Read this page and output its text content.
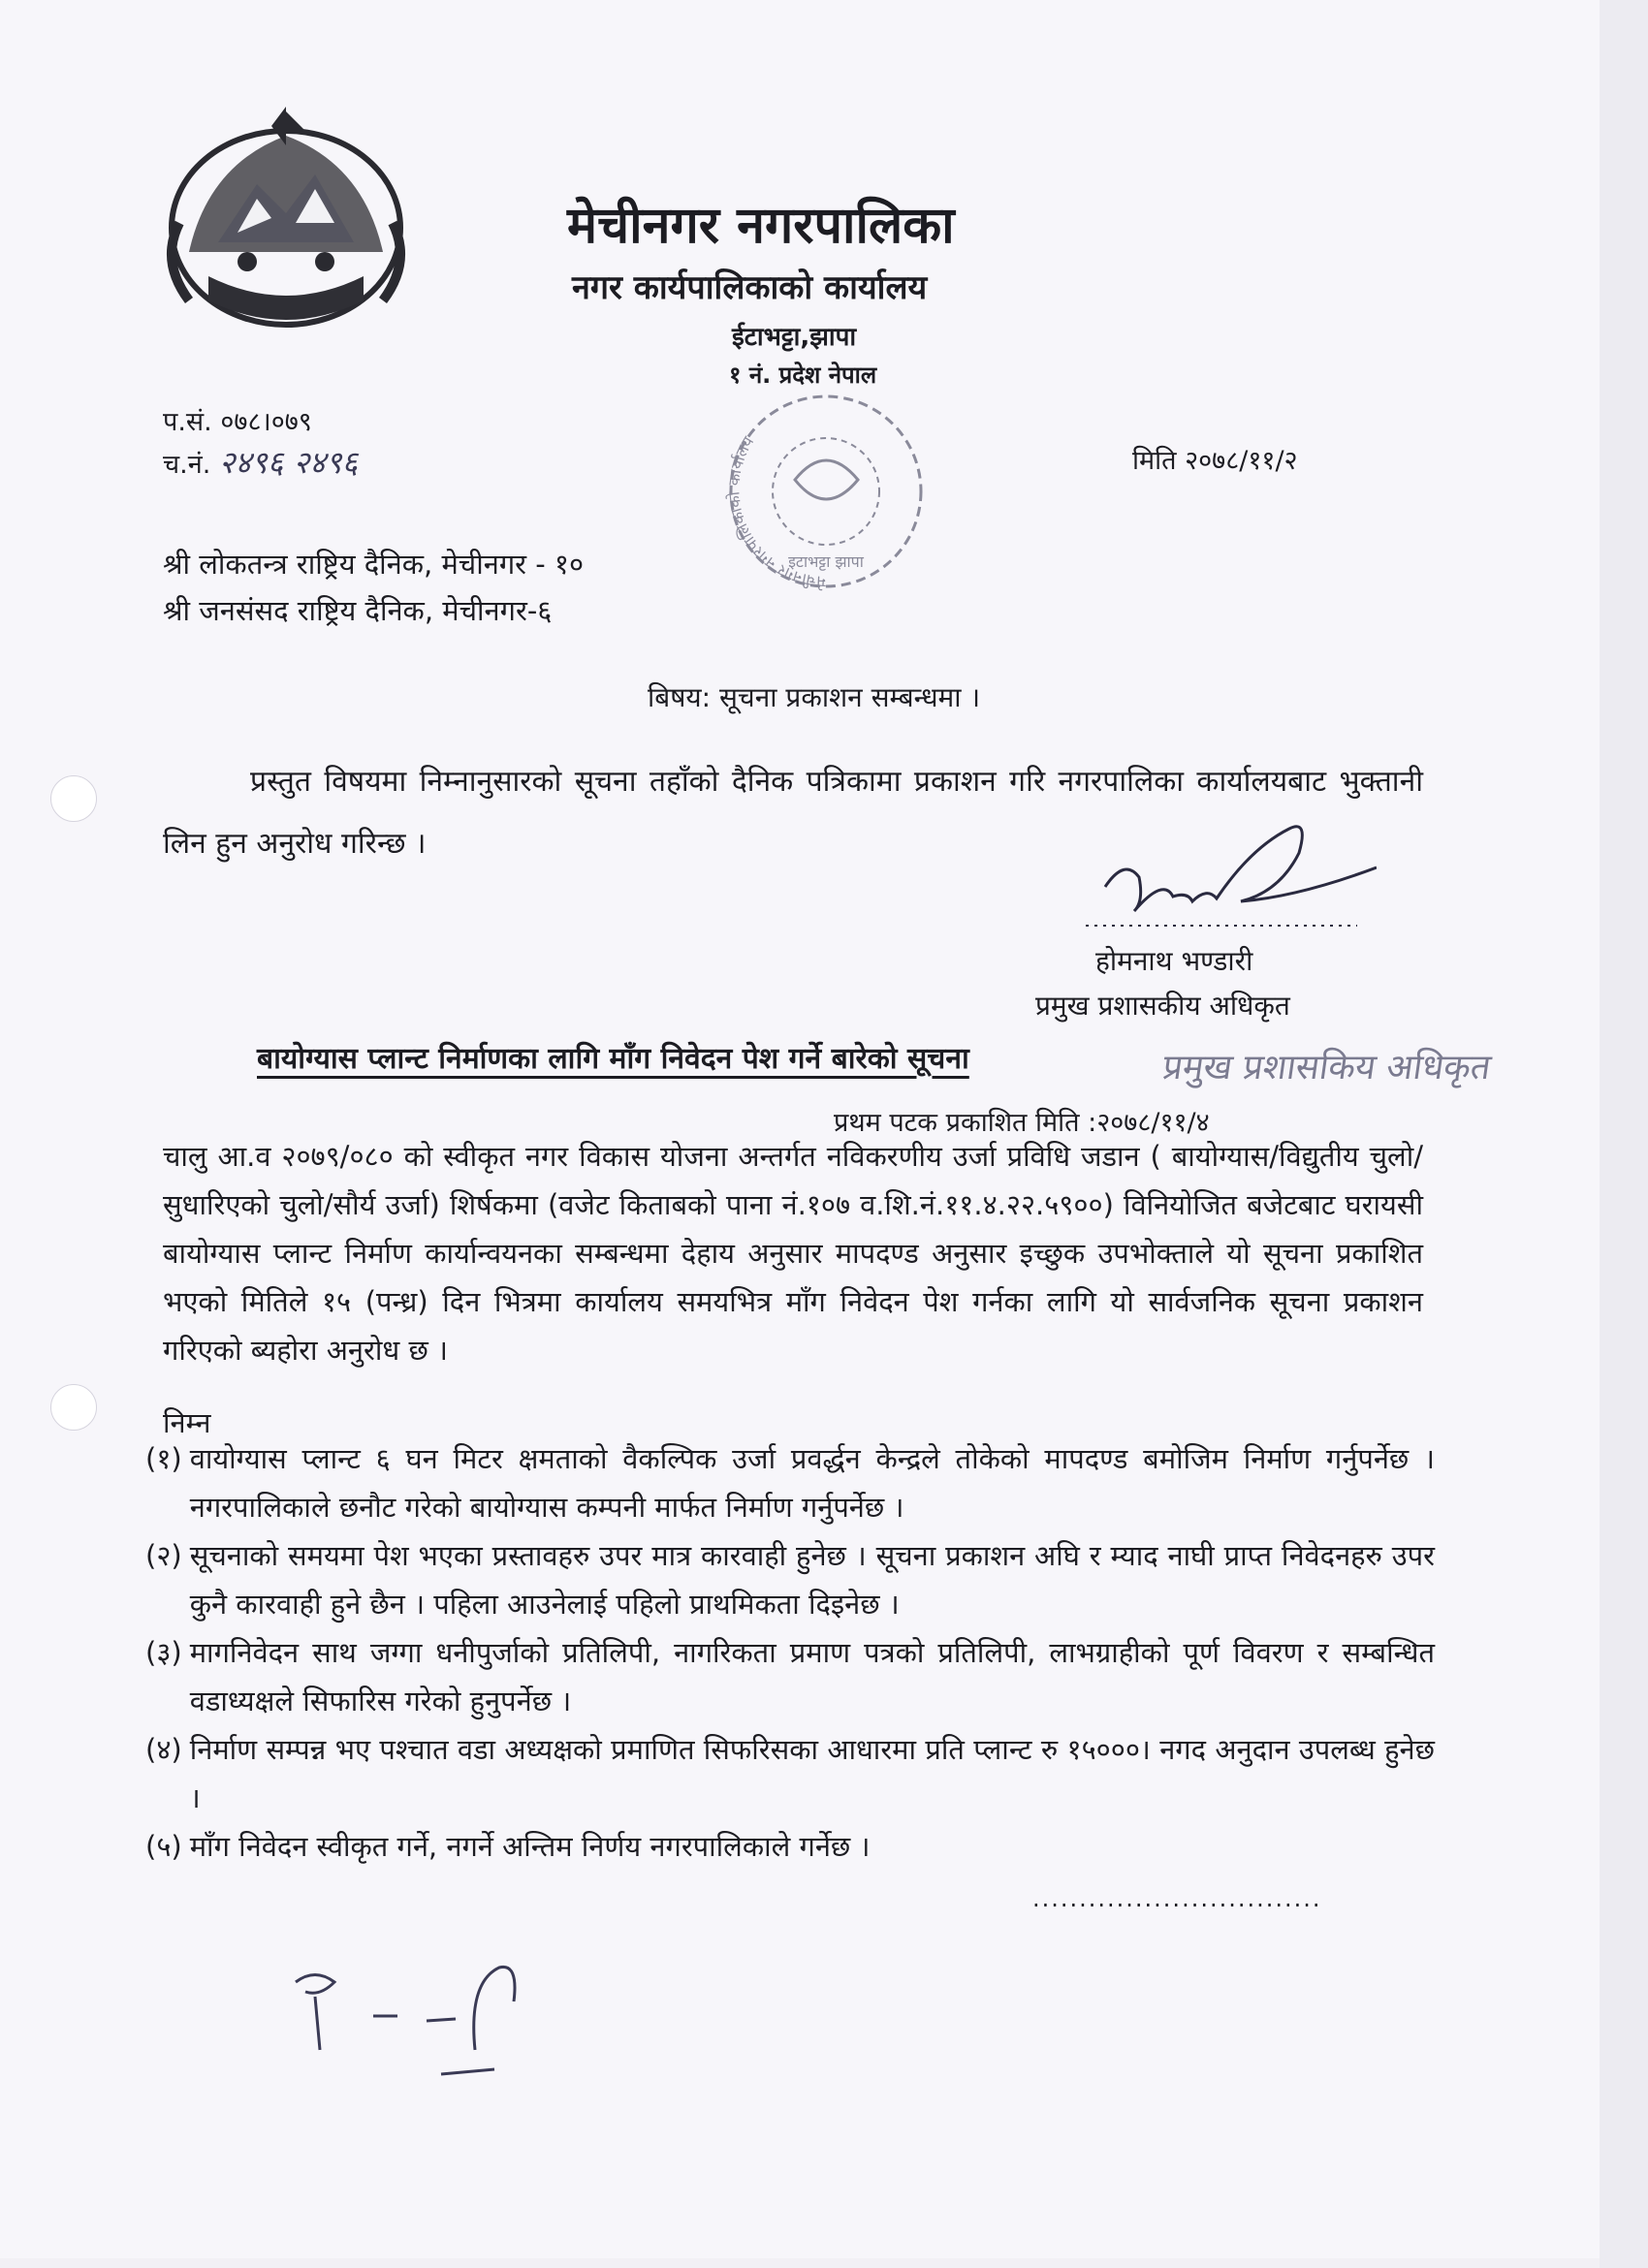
मेचीनगर नगरपालिका
नगर कार्यपालिकाको कार्यालय
ईटाभट्टा,झापा
१ नं. प्रदेश नेपाल
मेचीनगर नगरपालिकाको कार्यालय
इटाभट्टा झापा
प.सं. ०७८।०७९
च.नं. २४९६ २४९६	मिति २०७८/११/२
श्री लोकतन्त्र राष्ट्रिय दैनिक, मेचीनगर - १०
श्री जनसंसद राष्ट्रिय दैनिक, मेचीनगर-६
बिषय: सूचना प्रकाशन सम्बन्धमा ।
प्रस्तुत विषयमा निम्नानुसारको सूचना तहाँको दैनिक पत्रिकामा प्रकाशन गरि नगरपालिका कार्यालयबाट भुक्तानी लिन हुन अनुरोध गरिन्छ ।
होमनाथ भण्डारी
प्रमुख प्रशासकीय अधिकृत
बायोग्यास प्लान्ट निर्माणका लागि माँग निवेदन पेश गर्ने बारेको सूचना	प्रमुख प्रशासकिय अधिकृत
प्रथम पटक प्रकाशित मिति :२०७८/११/४
चालु आ.व २०७९/०८० को स्वीकृत नगर विकास योजना अन्तर्गत नविकरणीय उर्जा प्रविधि जडान ( बायोग्यास/विद्युतीय चुलो/सुधारिएको चुलो/सौर्य उर्जा) शिर्षकमा (वजेट किताबको पाना नं.१०७ व.शि.नं.११.४.२२.५९००) विनियोजित बजेटबाट घरायसी बायोग्यास प्लान्ट निर्माण कार्यान्वयनका सम्बन्धमा देहाय अनुसार मापदण्ड अनुसार इच्छुक उपभोक्ताले यो सूचना प्रकाशित भएको मितिले १५ (पन्ध्र) दिन भित्रमा कार्यालय समयभित्र माँग निवेदन पेश गर्नका लागि यो सार्वजनिक सूचना प्रकाशन गरिएको ब्यहोरा अनुरोध छ ।
निम्न
(१) वायोग्यास प्लान्ट ६ घन मिटर क्षमताको वैकल्पिक उर्जा प्रवर्द्धन केन्द्रले तोकेको मापदण्ड बमोजिम निर्माण गर्नुपर्नेछ । नगरपालिकाले छनौट गरेको बायोग्यास कम्पनी मार्फत निर्माण गर्नुपर्नेछ ।
(२) सूचनाको समयमा पेश भएका प्रस्तावहरु उपर मात्र कारवाही हुनेछ । सूचना प्रकाशन अघि र म्याद नाघी प्राप्त निवेदनहरु उपर कुनै कारवाही हुने छैन । पहिला आउनेलाई पहिलो प्राथमिकता दिइनेछ ।
(३) मागनिवेदन साथ जग्गा धनीपुर्जाको प्रतिलिपी, नागरिकता प्रमाण पत्रको प्रतिलिपी, लाभग्राहीको पूर्ण विवरण र सम्बन्धित वडाध्यक्षले सिफारिस गरेको हुनुपर्नेछ ।
(४) निर्माण सम्पन्न भए पश्चात वडा अध्यक्षको प्रमाणित सिफरिसका आधारमा प्रति प्लान्ट रु १५०००। नगद अनुदान उपलब्ध हुनेछ ।
(५) माँग निवेदन स्वीकृत गर्ने, नगर्ने अन्तिम निर्णय नगरपालिकाले गर्नेछ ।
...............................
